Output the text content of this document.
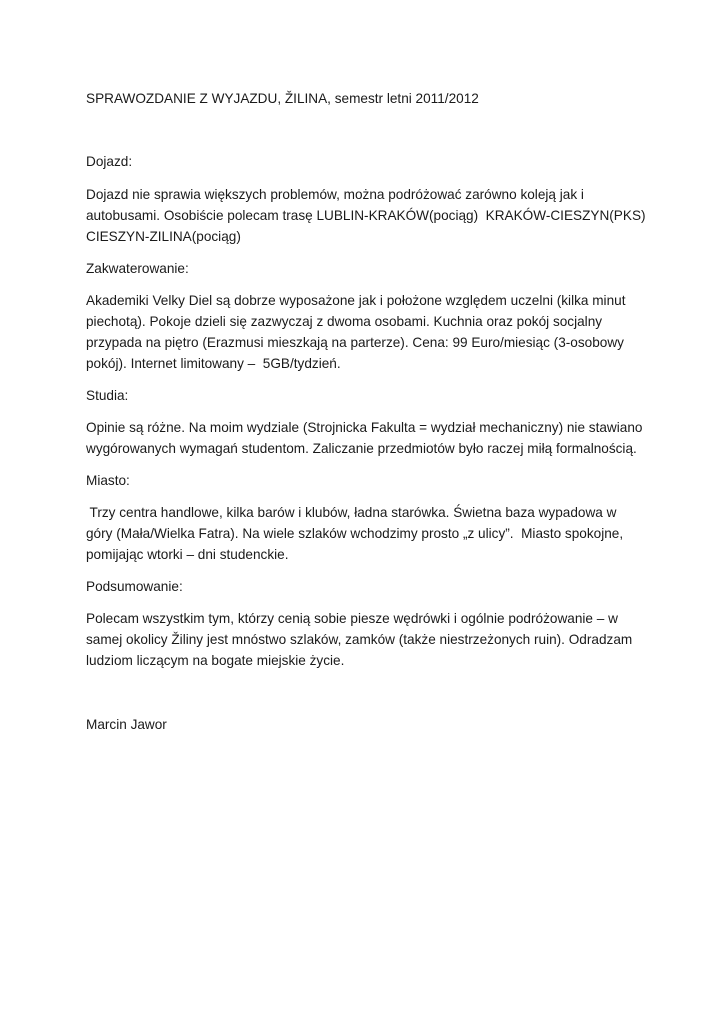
SPRAWOZDANIE Z WYJAZDU, ŽILINA, semestr letni 2011/2012

Dojazd:

Dojazd nie sprawia większych problemów, można podróżować zarówno koleją jak i
autobusami. Osobiście polecam trasę LUBLIN-KRAKÓW(pociąg)  KRAKÓW-CIESZYN(PKS)
CIESZYN-ZILINA(pociąg)

Zakwaterowanie:

Akademiki Velky Diel są dobrze wyposażone jak i położone względem uczelni (kilka minut
piechotą). Pokoje dzieli się zazwyczaj z dwoma osobami. Kuchnia oraz pokój socjalny
przypada na piętro (Erazmusi mieszkają na parterze). Cena: 99 Euro/miesiąc (3-osobowy
pokój). Internet limitowany –  5GB/tydzień.

Studia:

Opinie są różne. Na moim wydziale (Strojnicka Fakulta = wydział mechaniczny) nie stawiano
wygórowanych wymagań studentom. Zaliczanie przedmiotów było raczej miłą formalnością.

Miasto:

Trzy centra handlowe, kilka barów i klubów, ładna starówka. Świetna baza wypadowa w
góry (Mała/Wielka Fatra). Na wiele szlaków wchodzimy prosto „z ulicy”.  Miasto spokojne,
pomijając wtorki – dni studenckie.

Podsumowanie:

Polecam wszystkim tym, którzy cenią sobie piesze wędrówki i ogólnie podróżowanie – w
samej okolicy Žiliny jest mnóstwo szlaków, zamków (także niestrzeżonych ruin). Odradzam
ludziom liczącym na bogate miejskie życie.

Marcin Jawor
